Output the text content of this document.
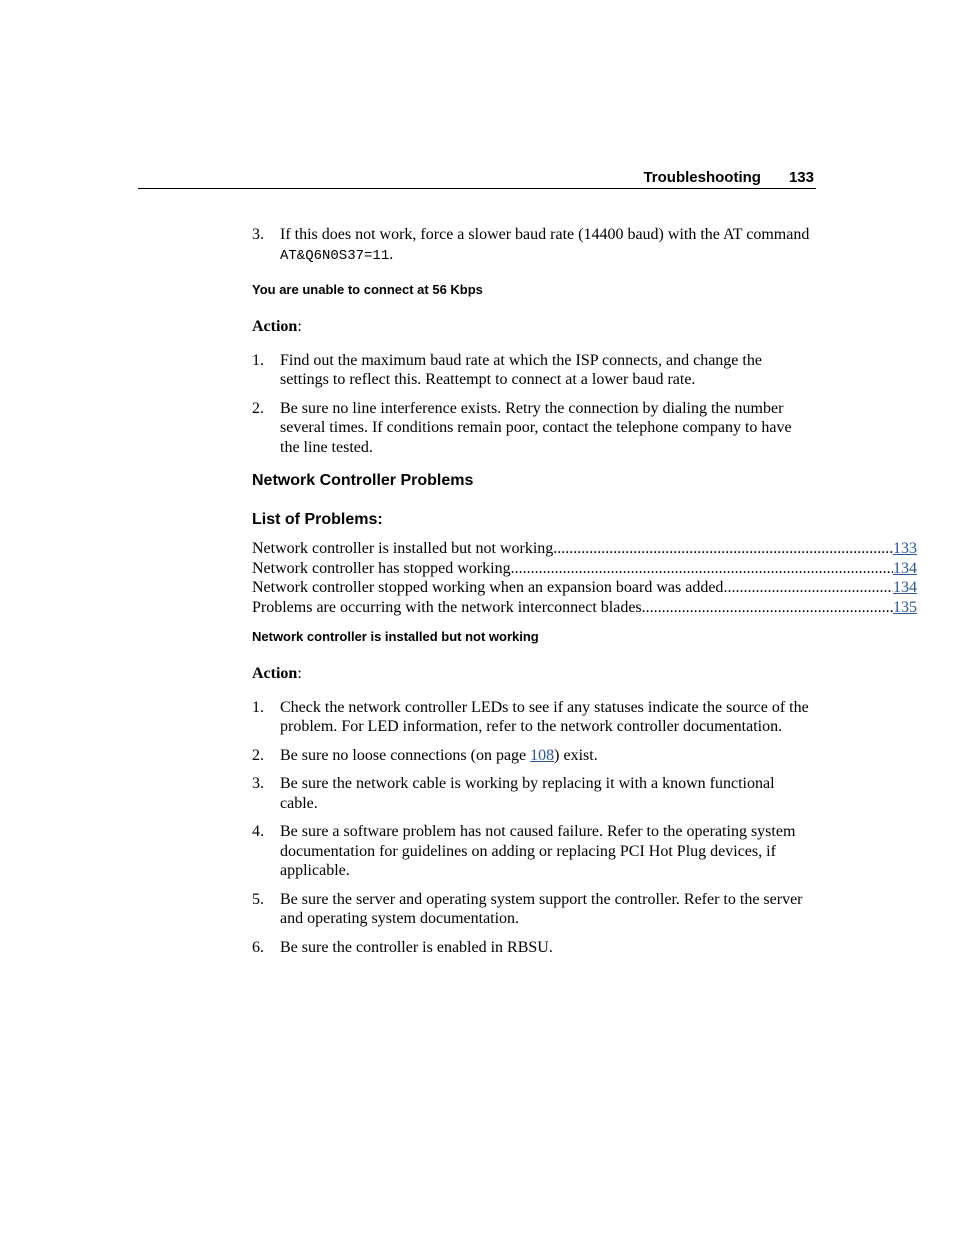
Troubleshooting 133
3.	If this does not work, force a slower baud rate (14400 baud) with the AT command AT&Q6N0S37=11.

You are unable to connect at 56 Kbps

Action:

1.	Find out the maximum baud rate at which the ISP connects, and change the settings to reflect this. Reattempt to connect at a lower baud rate.

2.	Be sure no line interference exists. Retry the connection by dialing the number several times. If conditions remain poor, contact the telephone company to have the line tested.

Network Controller Problems

List of Problems:

Network controller is installed but not working .....	133
Network controller has stopped working .....	134
Network controller stopped working when an expansion board was added .....	134
Problems are occurring with the network interconnect blades .....	135

Network controller is installed but not working

Action:

1.	Check the network controller LEDs to see if any statuses indicate the source of the problem. For LED information, refer to the network controller documentation.

2.	Be sure no loose connections (on page 108) exist.

3.	Be sure the network cable is working by replacing it with a known functional cable.

4.	Be sure a software problem has not caused failure. Refer to the operating system documentation for guidelines on adding or replacing PCI Hot Plug devices, if applicable.

5.	Be sure the server and operating system support the controller. Refer to the server and operating system documentation.

6.	Be sure the controller is enabled in RBSU.
